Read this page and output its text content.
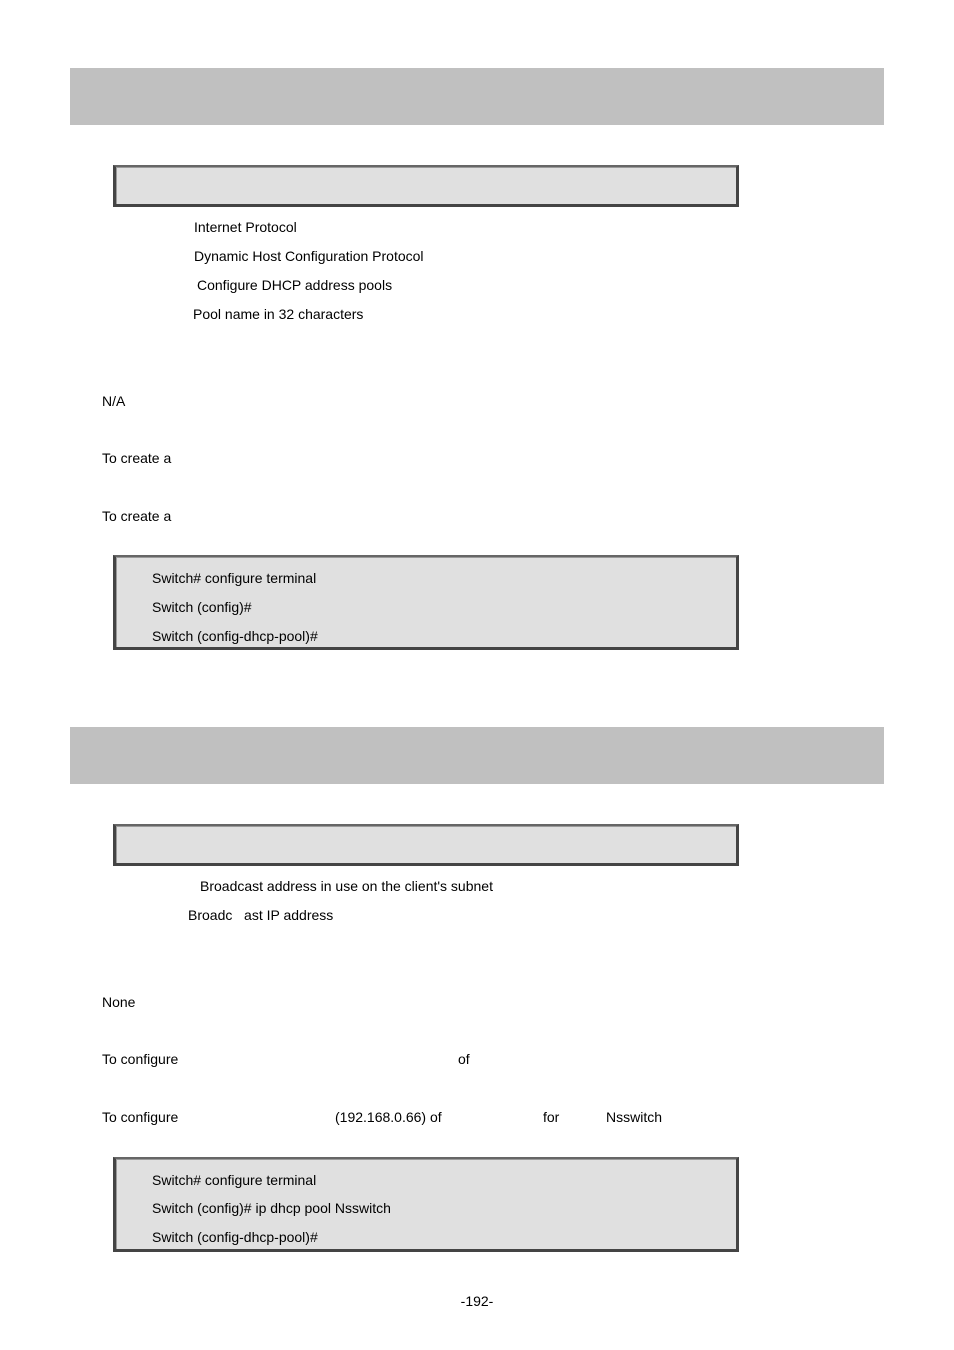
Internet Protocol
Dynamic Host Configuration Protocol
Configure DHCP address pools
Pool name in 32 characters
N/A
To create a
To create a
Switch# configure terminal
Switch (config)#
Switch (config-dhcp-pool)#
Broadcast address in use on the client's subnet
Broadc   ast IP address
None
To configure	of
To configure	(192.168.0.66) of	for	Nsswitch
Switch# configure terminal
Switch (config)# ip dhcp pool Nsswitch
Switch (config-dhcp-pool)#
-192-
